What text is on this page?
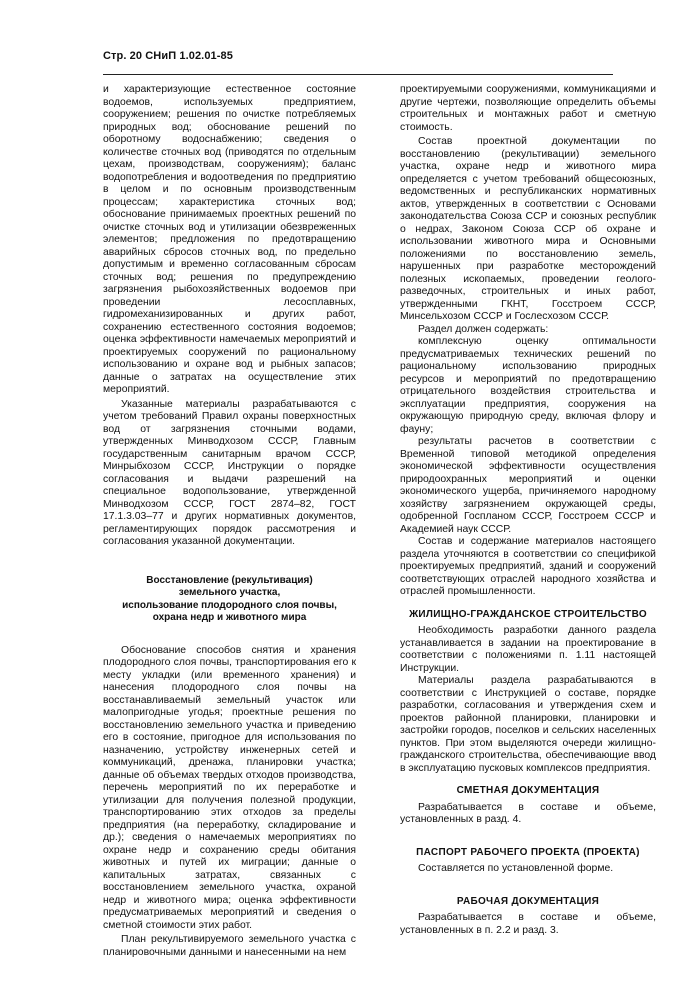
Стр. 20 СНиП 1.02.01-85

и характеризующие естественное состояние водоемов, используемых предприятием, сооружением; решения по очистке потребляемых природных вод; обоснование решений по оборотному водоснабжению; сведения о количестве сточных вод (приводятся по отдельным цехам, производствам, сооружениям); баланс водопотребления и водоотведения по предприятию в целом и по основным производственным процессам; характеристика сточных вод; обоснование принимаемых проектных решений по очистке сточных вод и утилизации обезвреженных элементов; предложения по предотвращению аварийных сбросов сточных вод, по предельно допустимым и временно согласованным сбросам сточных вод; решения по предупреждению загрязнения рыбохозяйственных водоемов при проведении лесосплавных, гидромеханизированных и других работ, сохранению естественного состояния водоемов; оценка эффективности намечаемых мероприятий и проектируемых сооружений по рациональному использованию и охране вод и рыбных запасов; данные о затратах на осуществление этих мероприятий.

Указанные материалы разрабатываются с учетом требований Правил охраны поверхностных вод от загрязнения сточными водами, утвержденных Минводхозом СССР, Главным государственным санитарным врачом СССР, Минрыбхозом СССР, Инструкции о порядке согласования и выдачи разрешений на специальное водопользование, утвержденной Минводхозом СССР, ГОСТ 2874–82, ГОСТ 17.1.3.03–77 и других нормативных документов, регламентирующих порядок рассмотрения и согласования указанной документации.

Восстановление (рекультивация)
земельного участка,
использование плодородного слоя почвы,
охрана недр и животного мира

Обоснование способов снятия и хранения плодородного слоя почвы, транспортирования его к месту укладки (или временного хранения) и нанесения плодородного слоя почвы на восстанавливаемый земельный участок или малопригодные угодья; проектные решения по восстановлению земельного участка и приведению его в состояние, пригодное для использования по назначению, устройству инженерных сетей и коммуникаций, дренажа, планировки участка; данные об объемах твердых отходов производства, перечень мероприятий по их переработке и утилизации для получения полезной продукции, транспортированию этих отходов за пределы предприятия (на переработку, складирование и др.); сведения о намечаемых мероприятиях по охране недр и сохранению среды обитания животных и путей их миграции; данные о капитальных затратах, связанных с восстановлением земельного участка, охраной недр и животного мира; оценка эффективности предусматриваемых мероприятий и сведения о сметной стоимости этих работ.

План рекультивируемого земельного участка с планировочными данными и нанесенными на нем

проектируемыми сооружениями, коммуникациями и другие чертежи, позволяющие определить объемы строительных и монтажных работ и сметную стоимость.

Состав проектной документации по восстановлению (рекультивации) земельного участка, охране недр и животного мира определяется с учетом требований общесоюзных, ведомственных и республиканских нормативных актов, утвержденных в соответствии с Основами законодательства Союза ССР и союзных республик о недрах, Законом Союза ССР об охране и использовании животного мира и Основными положениями по восстановлению земель, нарушенных при разработке месторождений полезных ископаемых, проведении геолого-разведочных, строительных и иных работ, утвержденными ГКНТ, Госстроем СССР, Минсельхозом СССР и Гослесхозом СССР.

Раздел должен содержать:

комплексную оценку оптимальности предусматриваемых технических решений по рациональному использованию природных ресурсов и мероприятий по предотвращению отрицательного воздействия строительства и эксплуатации предприятия, сооружения на окружающую природную среду, включая флору и фауну;

результаты расчетов в соответствии с Временной типовой методикой определения экономической эффективности осуществления природоохранных мероприятий и оценки экономического ущерба, причиняемого народному хозяйству загрязнением окружающей среды, одобренной Госпланом СССР, Госстроем СССР и Академией наук СССР.

Состав и содержание материалов настоящего раздела уточняются в соответствии со спецификой проектируемых предприятий, зданий и сооружений соответствующих отраслей народного хозяйства и отраслей промышленности.

ЖИЛИЩНО-ГРАЖДАНСКОЕ СТРОИТЕЛЬСТВО

Необходимость разработки данного раздела устанавливается в задании на проектирование в соответствии с положениями п. 1.11 настоящей Инструкции.

Материалы раздела разрабатываются в соответствии с Инструкцией о составе, порядке разработки, согласования и утверждения схем и проектов районной планировки, планировки и застройки городов, поселков и сельских населенных пунктов. При этом выделяются очереди жилищно-гражданского строительства, обеспечивающие ввод в эксплуатацию пусковых комплексов предприятия.

СМЕТНАЯ ДОКУМЕНТАЦИЯ

Разрабатывается в составе и объеме, установленных в разд. 4.

ПАСПОРТ РАБОЧЕГО ПРОЕКТА (ПРОЕКТА)

Составляется по установленной форме.

РАБОЧАЯ ДОКУМЕНТАЦИЯ

Разрабатывается в составе и объеме, установленных в п. 2.2 и разд. 3.
